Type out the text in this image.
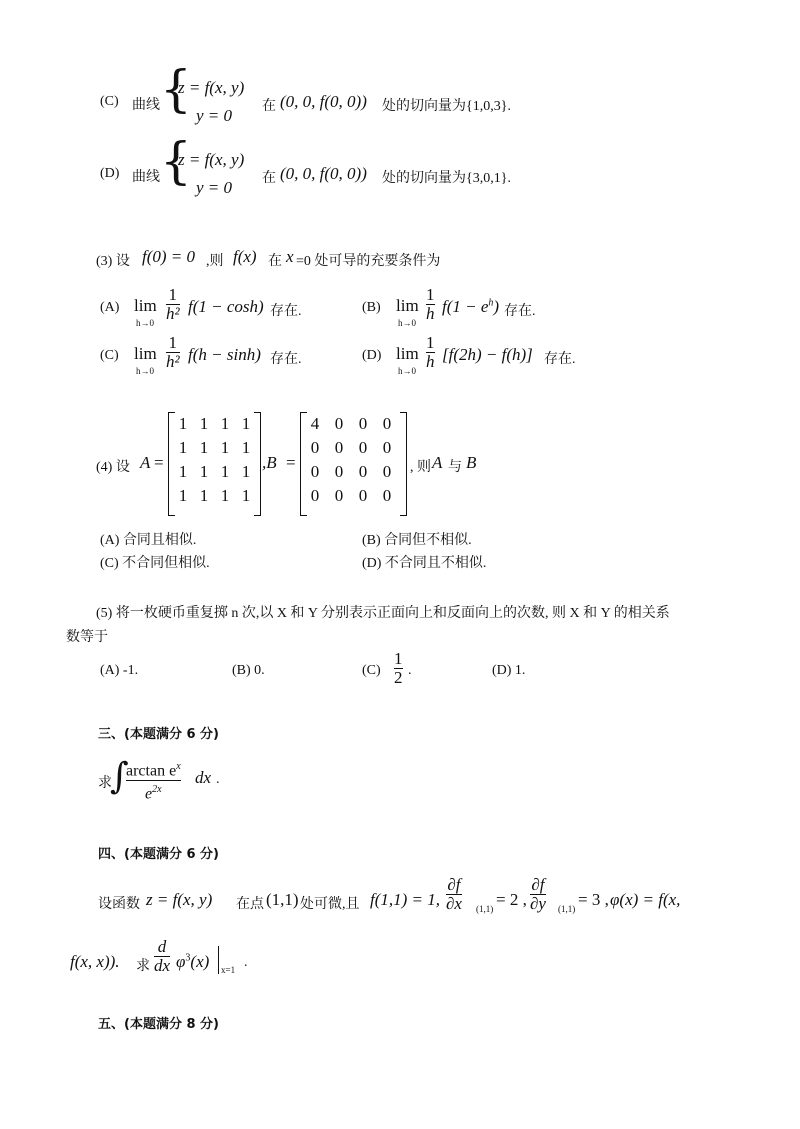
(C) 曲线 {
z = f(x, y)
y = 0 在 (0, 0, f(0, 0)) 处的切向量为{1,0,3}.
(D) 曲线 {
z = f(x, y)
y = 0 在 (0, 0, f(0, 0)) 处的切向量为{3,0,1}.
(3) 设 f(0) = 0 ,则 f(x) 在 x =0 处可导的充要条件为
(A) lim
$h\to 0 \frac{1}{\text{h²}} f(1 - \cosh)$ 存在.	(B) lim
$h\to 0 \frac{1}{h} f(1 - e^h)$ 存在.
(C) lim
$h\to 0 \frac{1}{\text{h²}} f(h - \sinh)$ 存在.	(D) lim
$h\to 0 \frac{1}{h} [f(2h) - f(h)]$ 存在.
(4) 设 A =
1 1 1 1
1 1 1 1
1 1 1 1
1 1 1 1
,B =
4 0 0 0
0 0 0 0
0 0 0 0
0 0 0 0
, 则 A 与 B
(A) 合同且相似.	(B) 合同但不相似.
(C) 不合同但相似.	(D) 不合同且不相似.
(5) 将一枚硬币重复掷 n 次,以 X 和 Y 分别表示正面向上和反面向上的次数, 则 X 和 Y 的相关系
数等于
(A) -1.	(B) 0.	$(C) \frac{1}{2}$ .	(D) 1.
三、(本题满分 6 分)
求
∫
$\frac{\arctan e^x}{e^{2x}}$ dx .
四、(本题满分 6 分)
设函数 z = f(x, y) 在点 (1,1) 处可微,且 f(1,1) = 1, $\frac{\partial f}{\partial x} (1,1) = 2$ , $\frac{\partial f}{\partial y} (1,1) = 3$ , φ(x) = f(x,
f(x, x)). 求 $\frac{d}{dx} \varphi^3(x)$ x=1 .
五、(本题满分 8 分)
